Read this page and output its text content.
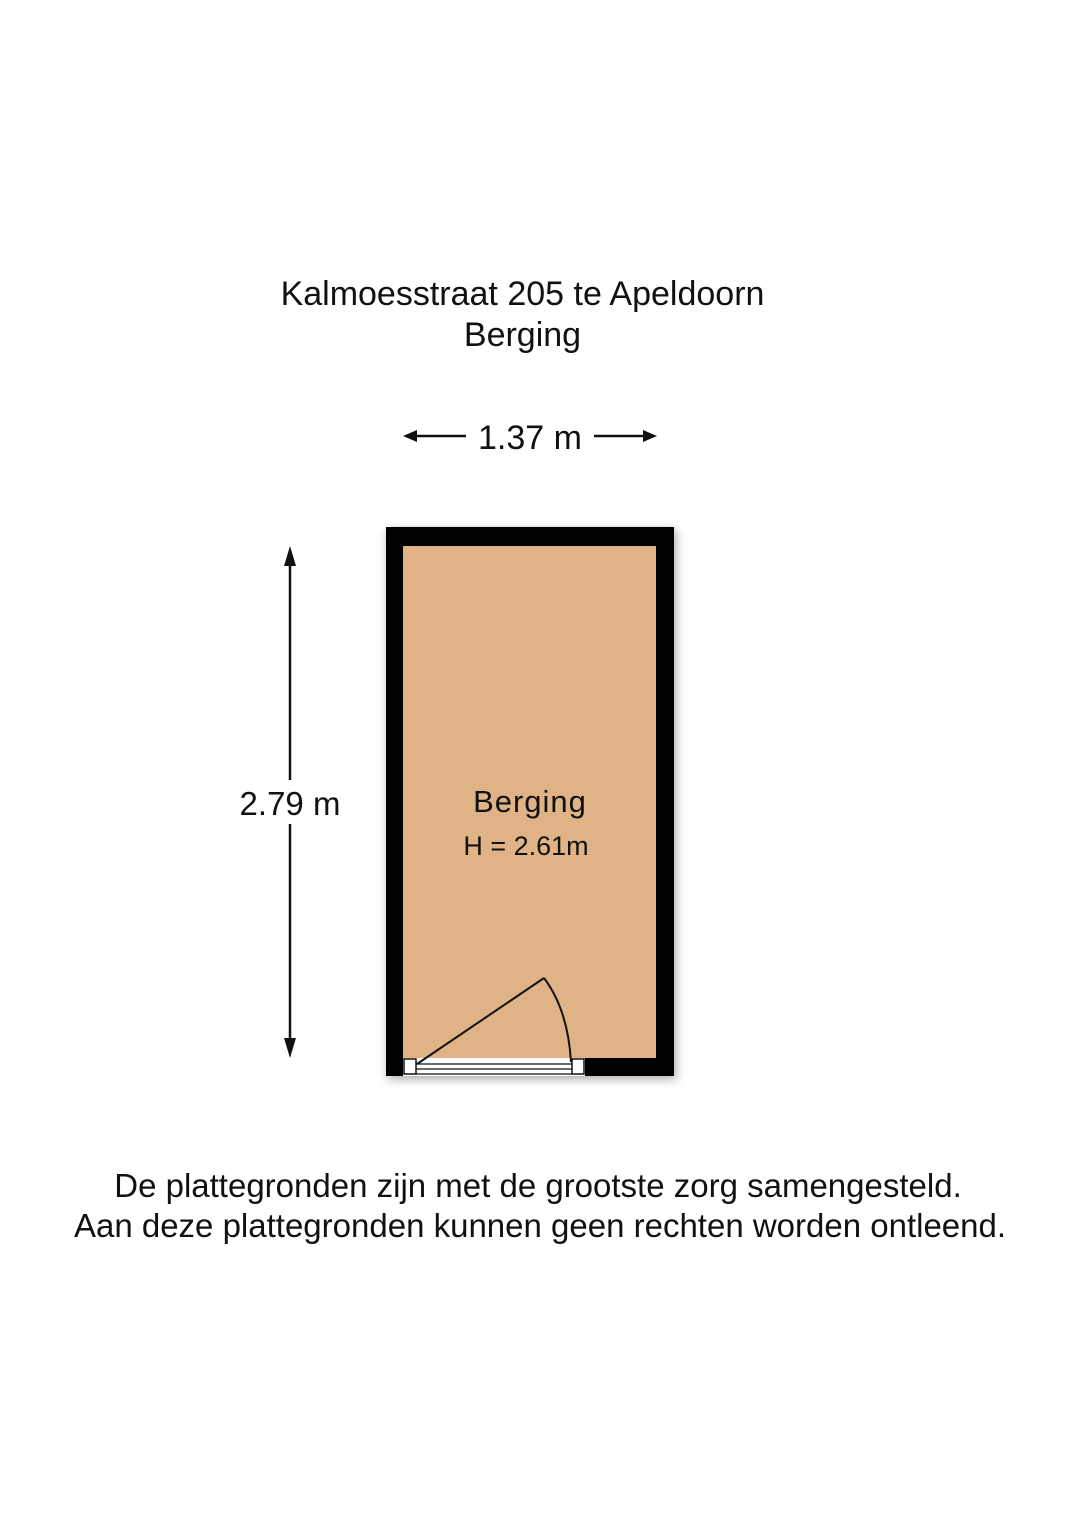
Kalmoesstraat 205 te Apeldoorn
Berging
1.37 m
2.79 m	Berging
H = 2.61m
De plattegronden zijn met de grootste zorg samengesteld.
Aan deze plattegronden kunnen geen rechten worden ontleend.
